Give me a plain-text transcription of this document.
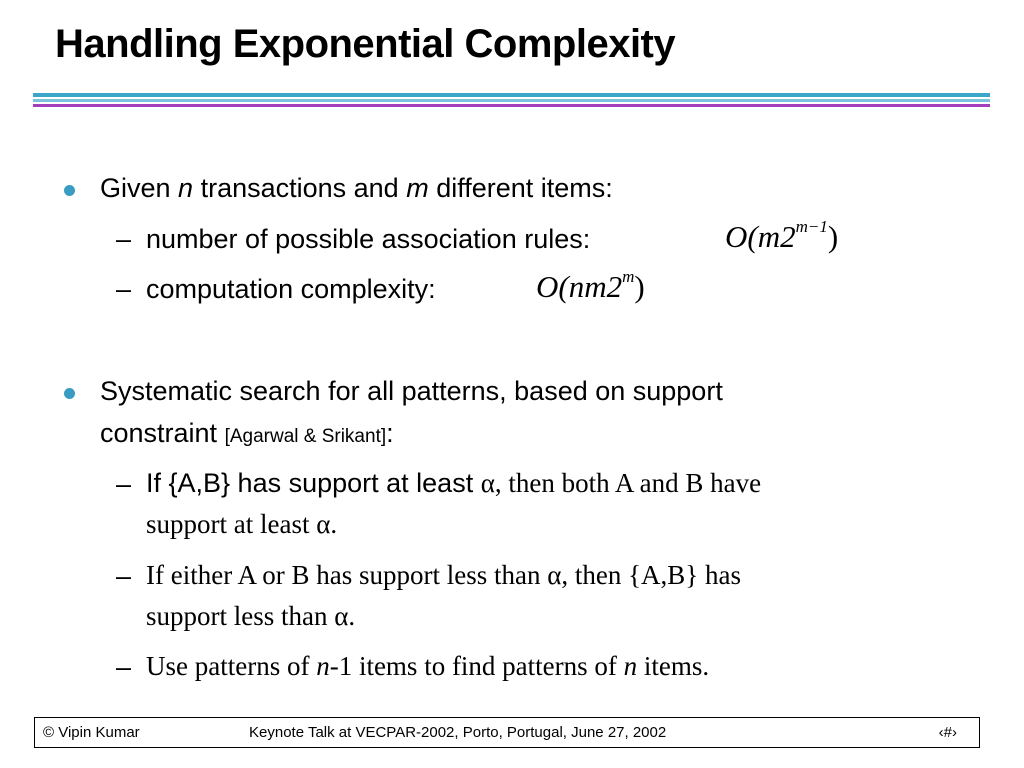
Handling Exponential Complexity
Given n transactions and m different items:
– number of possible association rules:	$O(m2^{m-1})$
– computation complexity:	O(nm2$^m$)
Systematic search for all patterns, based on support
constraint [Agarwal & Srikant]:
– If {A,B} has support at least α, then both A and B have
support at least α.
– If either A or B has support less than α, then {A,B} has
support less than α.
– Use patterns of n-1 items to find patterns of n items.
© Vipin Kumar	Keynote Talk at VECPAR-2002, Porto, Portugal, June 27, 2002	‹#›
